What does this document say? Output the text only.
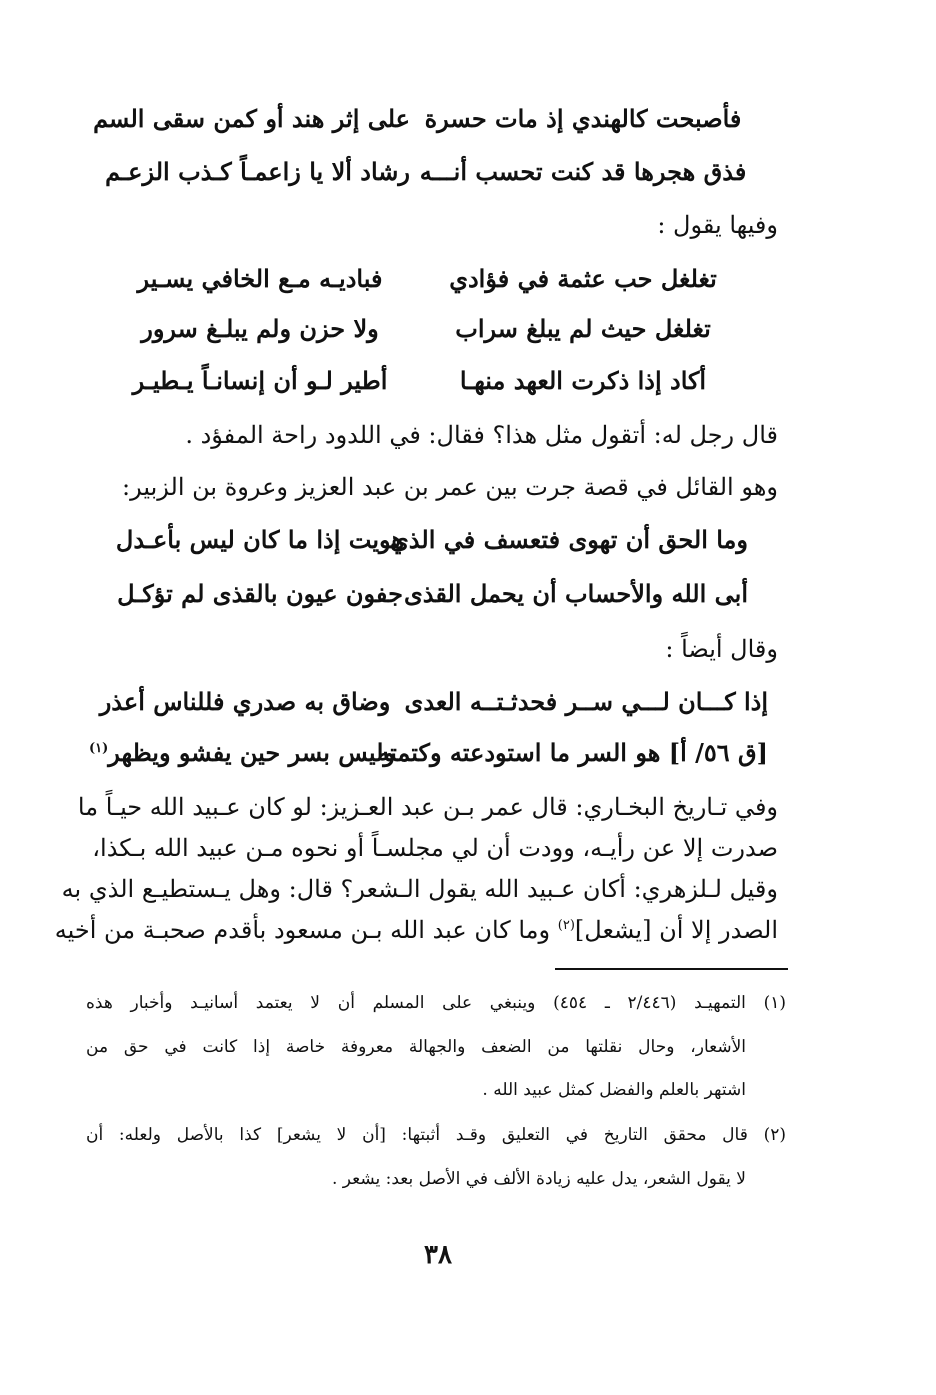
فأصبحت كالهندي إذ مات حسرة
على إثر هند أو كمن سقى السم
فذق هجرها قد كنت تحسب أنـــه
رشاد ألا يا زاعمـاً كـذب الزعـم
وفيها يقول :
تغلغل حب عثمة في فؤادي
فباديـه مـع الخافي يسـير
تغلغل حيث لم يبلغ سراب
ولا حزن ولم يبلـغ سرور
أكاد إذا ذكرت العهد منهـا
أطير لـو أن إنسانـاً يـطيـر
قال رجل له: أتقول مثل هذا؟ فقال: في اللدود راحة المفؤد .
وهو القائل في قصة جرت بين عمر بن عبد العزيز وعروة بن الزبير:
وما الحق أن تهوى فتعسف في الذي
هويت إذا ما كان ليس بأعـدل
أبى الله والأحساب أن يحمل القذى
جفون عيون بالقذى لم تؤكـل
وقال أيضاً :
إذا كـــان لـــي ســر فحدثـتــه العدى
وضاق به صدري فللناس أعذر
[ق ٥٦/ أ] هو السر ما استودعته وكتمته
وليس بسر حين يفشو ويظهر$^{(١)}$
وفي تـاريخ البخـاري: قال عمر بـن عبد العـزيز: لو كان عـبيد الله حيـاً ما
صدرت إلا عن رأيـه، وودت أن لي مجلسـاً أو نحوه مـن عبيد الله بـكذا،
وقيل لـلزهري: أكان عـبيد الله يقول الـشعر؟ قال: وهل يـستطيـع الذي به
الصدر إلا أن [يشعل]$^{(٢)}$ وما كان عبد الله بـن مسعود بأقدم صحبـة من أخيه
(١) التمهيـد (٢/٤٤٦ ـ ٤٥٤) وينبغي على المسلم أن لا يعتمد أسانيـد وأخبار هذه
الأشعار، وحال نقلتها من الضعف والجهالة معروفة خاصة إذا كانت في حق من
اشتهر بالعلم والفضل كمثل عبيد الله .
(٢) قال محقق التاريخ في التعليق وقـد أثبتها: [أن لا يشعر] كذا بالأصل ولعله: أن
لا يقول الشعر، يدل عليه زيادة الألف في الأصل بعد: يشعر .
٣٨
